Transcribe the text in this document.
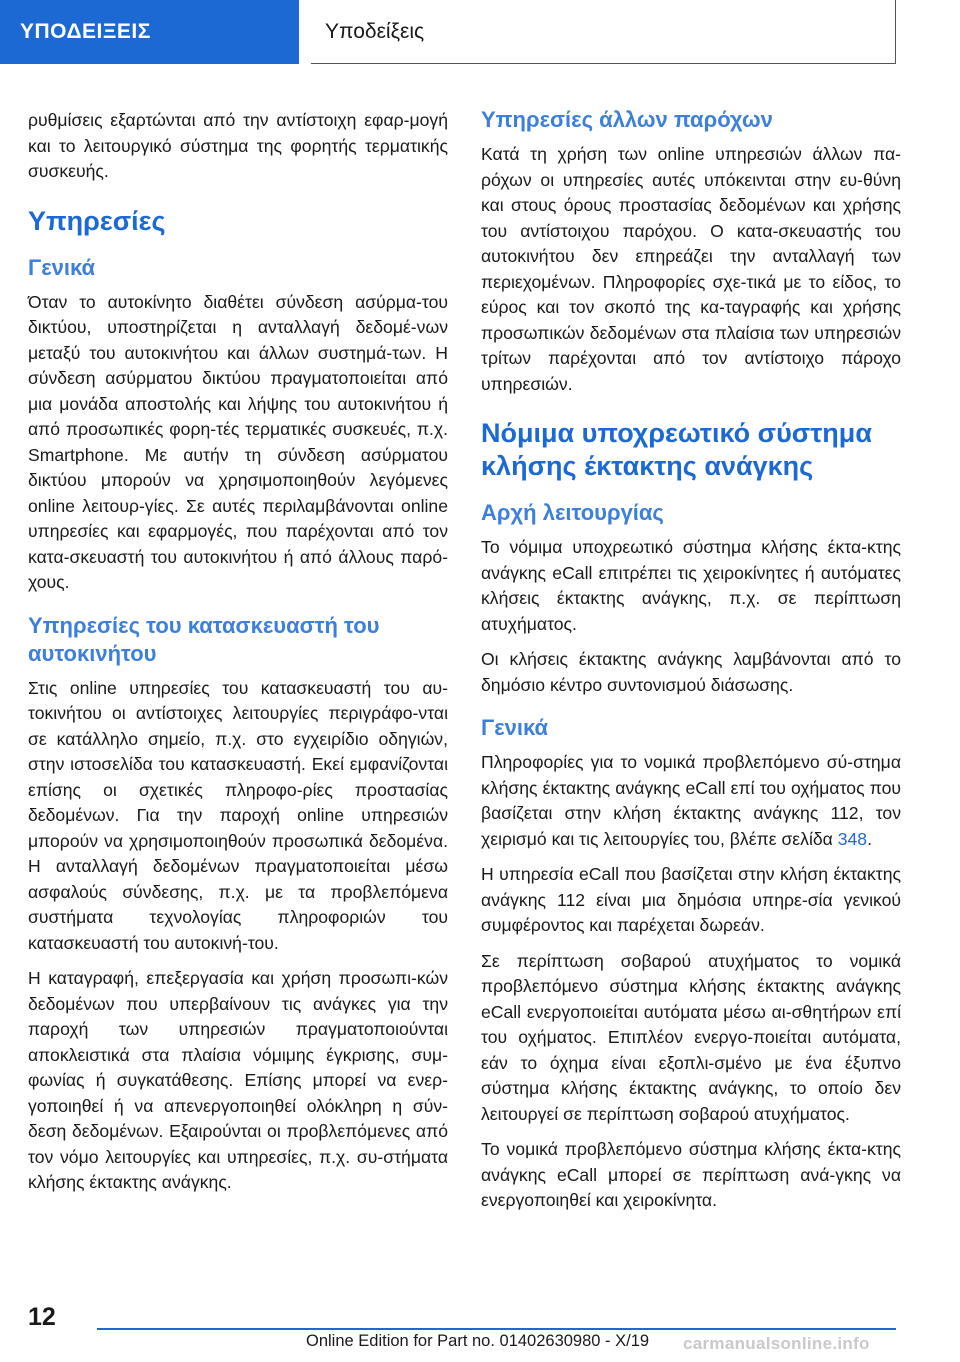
ΥΠΟΔΕΙΞΕΙΣ	Υποδείξεις

ρυθμίσεις εξαρτώνται από την αντίστοιχη εφαρ-μογή και το λειτουργικό σύστημα της φορητής τερματικής συσκευής.

Υπηρεσίες
Γενικά

Όταν το αυτοκίνητο διαθέτει σύνδεση ασύρμα-του δικτύου, υποστηρίζεται η ανταλλαγή δεδομέ-νων μεταξύ του αυτοκινήτου και άλλων συστημά-των. Η σύνδεση ασύρματου δικτύου πραγματοποιείται από μια μονάδα αποστολής και λήψης του αυτοκινήτου ή από προσωπικές φορη-τές τερματικές συσκευές, π.χ. Smartphone. Με αυτήν τη σύνδεση ασύρματου δικτύου μπορούν να χρησιμοποιηθούν λεγόμενες online λειτουρ-γίες. Σε αυτές περιλαμβάνονται online υπηρεσίες και εφαρμογές, που παρέχονται από τον κατα-σκευαστή του αυτοκινήτου ή από άλλους παρό-χους.

Υπηρεσίες του κατασκευαστή του αυτοκινήτου

Στις online υπηρεσίες του κατασκευαστή του αυ-τοκινήτου οι αντίστοιχες λειτουργίες περιγράφο-νται σε κατάλληλο σημείο, π.χ. στο εγχειρίδιο οδηγιών, στην ιστοσελίδα του κατασκευαστή. Εκεί εμφανίζονται επίσης οι σχετικές πληροφο-ρίες προστασίας δεδομένων. Για την παροχή online υπηρεσιών μπορούν να χρησιμοποιηθούν προσωπικά δεδομένα. Η ανταλλαγή δεδομένων πραγματοποιείται μέσω ασφαλούς σύνδεσης, π.χ. με τα προβλεπόμενα συστήματα τεχνολογίας πληροφοριών του κατασκευαστή του αυτοκινή-του.

Η καταγραφή, επεξεργασία και χρήση προσωπι-κών δεδομένων που υπερβαίνουν τις ανάγκες για την παροχή των υπηρεσιών πραγματοποιούνται αποκλειστικά στα πλαίσια νόμιμης έγκρισης, συμ-φωνίας ή συγκατάθεσης. Επίσης μπορεί να ενερ-γοποιηθεί ή να απενεργοποιηθεί ολόκληρη η σύν-δεση δεδομένων. Εξαιρούνται οι προβλεπόμενες από τον νόμο λειτουργίες και υπηρεσίες, π.χ. συ-στήματα κλήσης έκτακτης ανάγκης.

Υπηρεσίες άλλων παρόχων

Κατά τη χρήση των online υπηρεσιών άλλων πα-ρόχων οι υπηρεσίες αυτές υπόκεινται στην ευ-θύνη και στους όρους προστασίας δεδομένων και χρήσης του αντίστοιχου παρόχου. Ο κατα-σκευαστής του αυτοκινήτου δεν επηρεάζει την ανταλλαγή των περιεχομένων. Πληροφορίες σχε-τικά με το είδος, το εύρος και τον σκοπό της κα-ταγραφής και χρήσης προσωπικών δεδομένων στα πλαίσια των υπηρεσιών τρίτων παρέχονται από τον αντίστοιχο πάροχο υπηρεσιών.

Νόμιμα υποχρεωτικό σύστημα κλήσης έκτακτης ανάγκης
Αρχή λειτουργίας

Το νόμιμα υποχρεωτικό σύστημα κλήσης έκτα-κτης ανάγκης eCall επιτρέπει τις χειροκίνητες ή αυτόματες κλήσεις έκτακτης ανάγκης, π.χ. σε περίπτωση ατυχήματος.

Οι κλήσεις έκτακτης ανάγκης λαμβάνονται από το δημόσιο κέντρο συντονισμού διάσωσης.

Γενικά

Πληροφορίες για το νομικά προβλεπόμενο σύ-στημα κλήσης έκτακτης ανάγκης eCall επί του οχήματος που βασίζεται στην κλήση έκτακτης ανάγκης 112, τον χειρισμό και τις λειτουργίες του, βλέπε σελίδα 348.

Η υπηρεσία eCall που βασίζεται στην κλήση έκτακτης ανάγκης 112 είναι μια δημόσια υπηρε-σία γενικού συμφέροντος και παρέχεται δωρεάν.

Σε περίπτωση σοβαρού ατυχήματος το νομικά προβλεπόμενο σύστημα κλήσης έκτακτης ανάγκης eCall ενεργοποιείται αυτόματα μέσω αι-σθητήρων επί του οχήματος. Επιπλέον ενεργο-ποιείται αυτόματα, εάν το όχημα είναι εξοπλι-σμένο με ένα έξυπνο σύστημα κλήσης έκτακτης ανάγκης, το οποίο δεν λειτουργεί σε περίπτωση σοβαρού ατυχήματος.

Το νομικά προβλεπόμενο σύστημα κλήσης έκτα-κτης ανάγκης eCall μπορεί σε περίπτωση ανά-γκης να ενεργοποιηθεί και χειροκίνητα.

12
Online Edition for Part no. 01402630980 - X/19 carmanualsonline.info
